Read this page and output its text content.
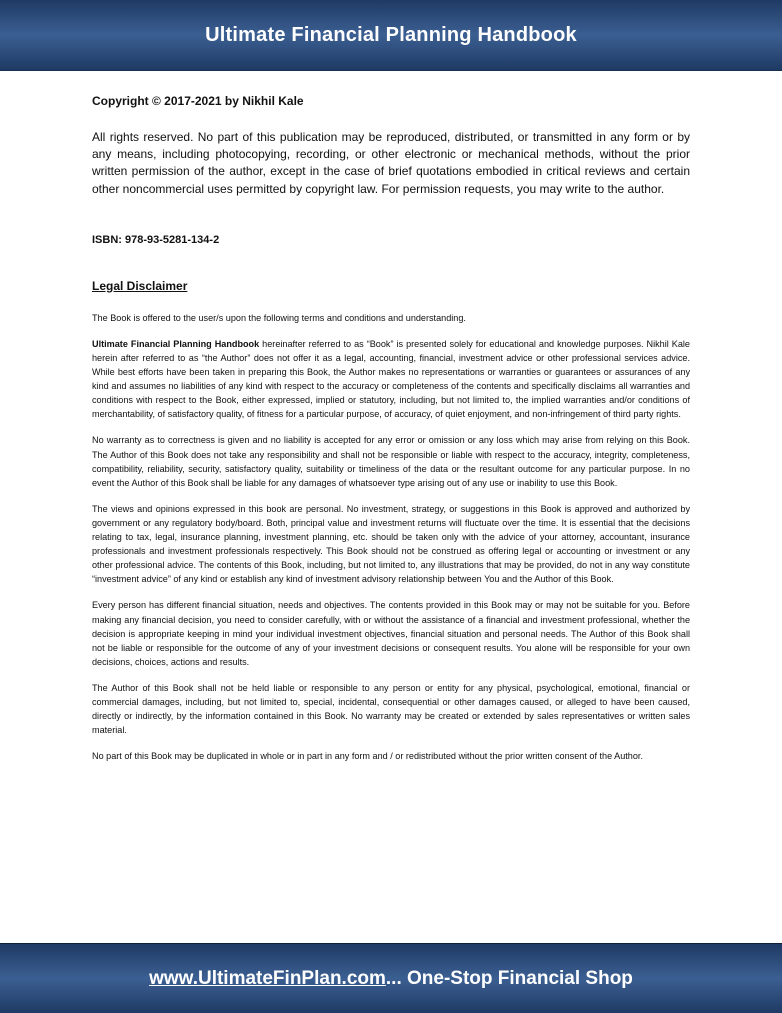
Ultimate Financial Planning Handbook

Copyright © 2017-2021 by Nikhil Kale

All rights reserved. No part of this publication may be reproduced, distributed, or transmitted in any form or by any means, including photocopying, recording, or other electronic or mechanical methods, without the prior written permission of the author, except in the case of brief quotations embodied in critical reviews and certain other noncommercial uses permitted by copyright law. For permission requests, you may write to the author.

ISBN: 978-93-5281-134-2

Legal Disclaimer

The Book is offered to the user/s upon the following terms and conditions and understanding.

Ultimate Financial Planning Handbook hereinafter referred to as “Book” is presented solely for educational and knowledge purposes. Nikhil Kale herein after referred to as “the Author” does not offer it as a legal, accounting, financial, investment advice or other professional services advice. While best efforts have been taken in preparing this Book, the Author makes no representations or warranties or guarantees or assurances of any kind and assumes no liabilities of any kind with respect to the accuracy or completeness of the contents and specifically disclaims all warranties and conditions with respect to the Book, either expressed, implied or statutory, including, but not limited to, the implied warranties and/or conditions of merchantability, of satisfactory quality, of fitness for a particular purpose, of accuracy, of quiet enjoyment, and non-infringement of third party rights.

No warranty as to correctness is given and no liability is accepted for any error or omission or any loss which may arise from relying on this Book. The Author of this Book does not take any responsibility and shall not be responsible or liable with respect to the accuracy, integrity, completeness, compatibility, reliability, security, satisfactory quality, suitability or timeliness of the data or the resultant outcome for any particular purpose. In no event the Author of this Book shall be liable for any damages of whatsoever type arising out of any use or inability to use this Book.

The views and opinions expressed in this book are personal. No investment, strategy, or suggestions in this Book is approved and authorized by government or any regulatory body/board. Both, principal value and investment returns will fluctuate over the time. It is essential that the decisions relating to tax, legal, insurance planning, investment planning, etc. should be taken only with the advice of your attorney, accountant, insurance professionals and investment professionals respectively. This Book should not be construed as offering legal or accounting or investment or any other professional advice. The contents of this Book, including, but not limited to, any illustrations that may be provided, do not in any way constitute “investment advice” of any kind or establish any kind of investment advisory relationship between You and the Author of this Book.

Every person has different financial situation, needs and objectives. The contents provided in this Book may or may not be suitable for you. Before making any financial decision, you need to consider carefully, with or without the assistance of a financial and investment professional, whether the decision is appropriate keeping in mind your individual investment objectives, financial situation and personal needs. The Author of this Book shall not be liable or responsible for the outcome of any of your investment decisions or consequent results. You alone will be responsible for your own decisions, choices, actions and results.

The Author of this Book shall not be held liable or responsible to any person or entity for any physical, psychological, emotional, financial or commercial damages, including, but not limited to, special, incidental, consequential or other damages caused, or alleged to have been caused, directly or indirectly, by the information contained in this Book. No warranty may be created or extended by sales representatives or written sales material.

No part of this Book may be duplicated in whole or in part in any form and / or redistributed without the prior written consent of the Author.

www.UltimateFinPlan.com... One-Stop Financial Shop
